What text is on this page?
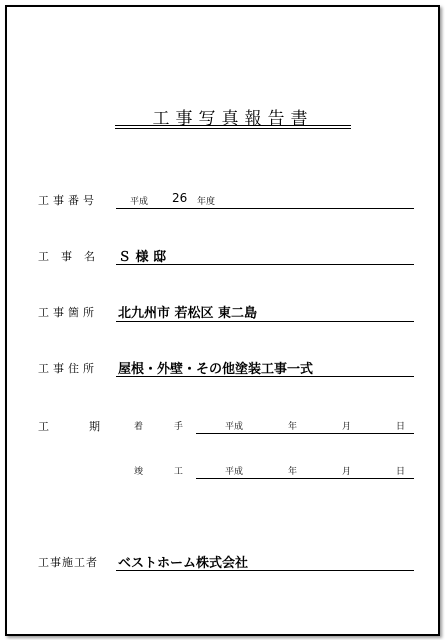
工事写真報告書
工事番号	平成 26 年度
工事名 Ｓ 様 邸
工事箇所 北九州市 若松区 東二島
工事住所 屋根・外壁・その他塗装工事一式
工期
着 手	平成	年	月	日
竣 工	平成	年	月	日
工事施工者 ベストホーム株式会社
